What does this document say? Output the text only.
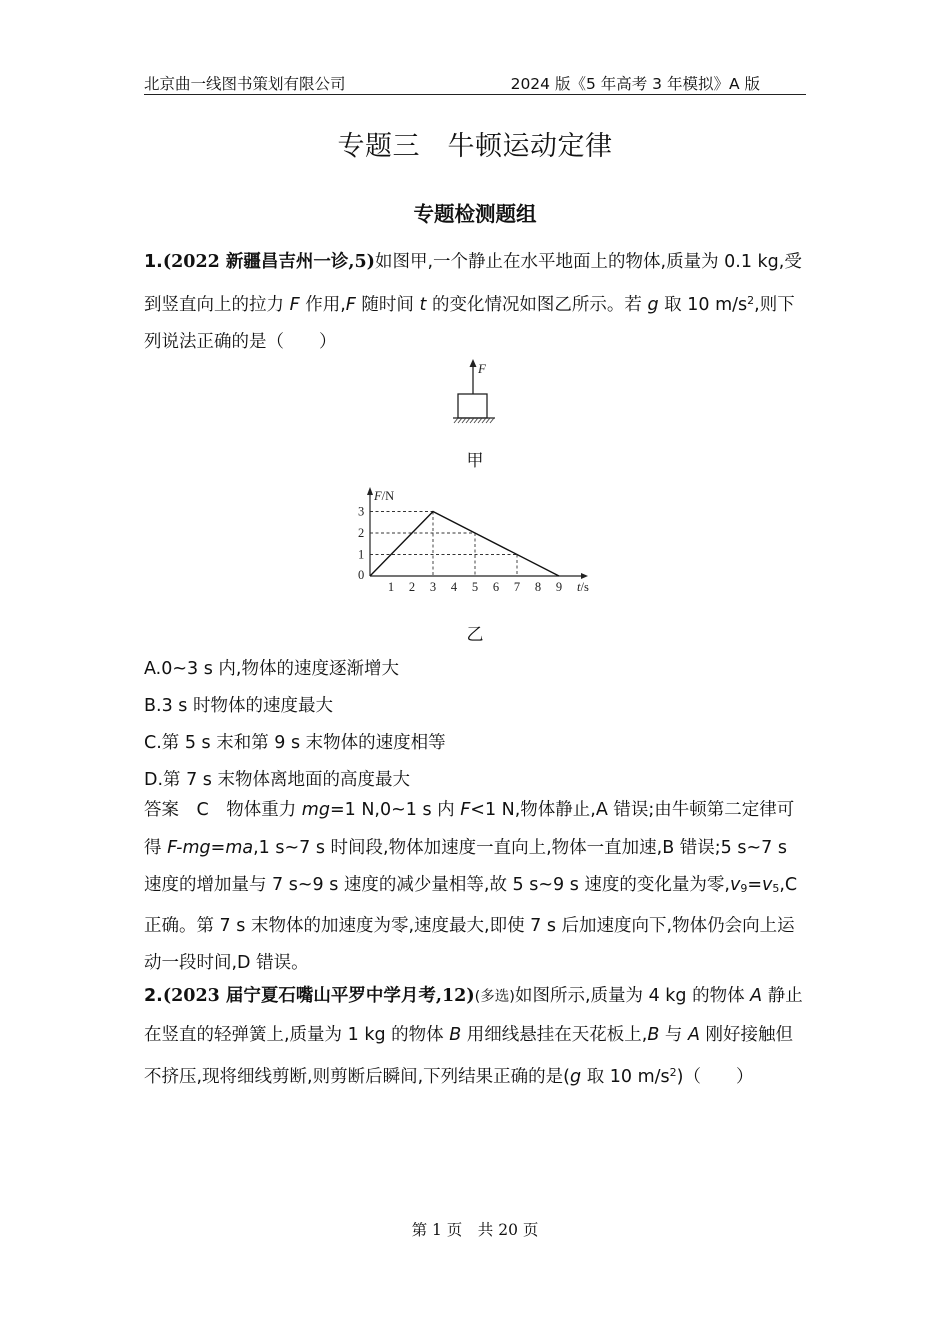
北京曲一线图书策划有限公司	2024 版《5 年高考 3 年模拟》A 版
专题三　牛顿运动定律
专题检测题组
1.(2022 新疆昌吉州一诊,5)如图甲,一个静止在水平地面上的物体,质量为 0.1 kg,受到竖直向上的拉力 F 作用,F 随时间 t 的变化情况如图乙所示。若 g 取 10 $m/s^2$,则下列说法正确的是（　　）
F
甲
F/N
t/s
0
1 2 3 4 5 6 7 8 9
1
2
3
乙
A.0~3 s 内,物体的速度逐渐增大
B.3 s 时物体的速度最大
C.第 5 s 末和第 9 s 末物体的速度相等
D.第 7 s 末物体离地面的高度最大
答案　C　物体重力 mg=1 N,0~1 s 内 F<1 N,物体静止,A 错误;由牛顿第二定律可得 F-mg=ma,1 s~7 s 时间段,物体加速度一直向上,物体一直加速,B 错误;5 s~7 s 速度的增加量与 7 s~9 s 速度的减少量相等,故 5 s~9 s 速度的变化量为零$,v_9=v_5,C$ 正确。第 7 s 末物体的加速度为零,速度最大,即使 7 s 后加速度向下,物体仍会向上运动一段时间,D 错误。
2.(2023 届宁夏石嘴山平罗中学月考,12)(多选)如图所示,质量为 4 kg 的物体 A 静止在竖直的轻弹簧上,质量为 1 kg 的物体 B 用细线悬挂在天花板上,B 与 A 刚好接触但不挤压,现将细线剪断,则剪断后瞬间,下列结果正确的是(g 取 10 $m/s^2$)（　　）
第 1 页　共 20 页
